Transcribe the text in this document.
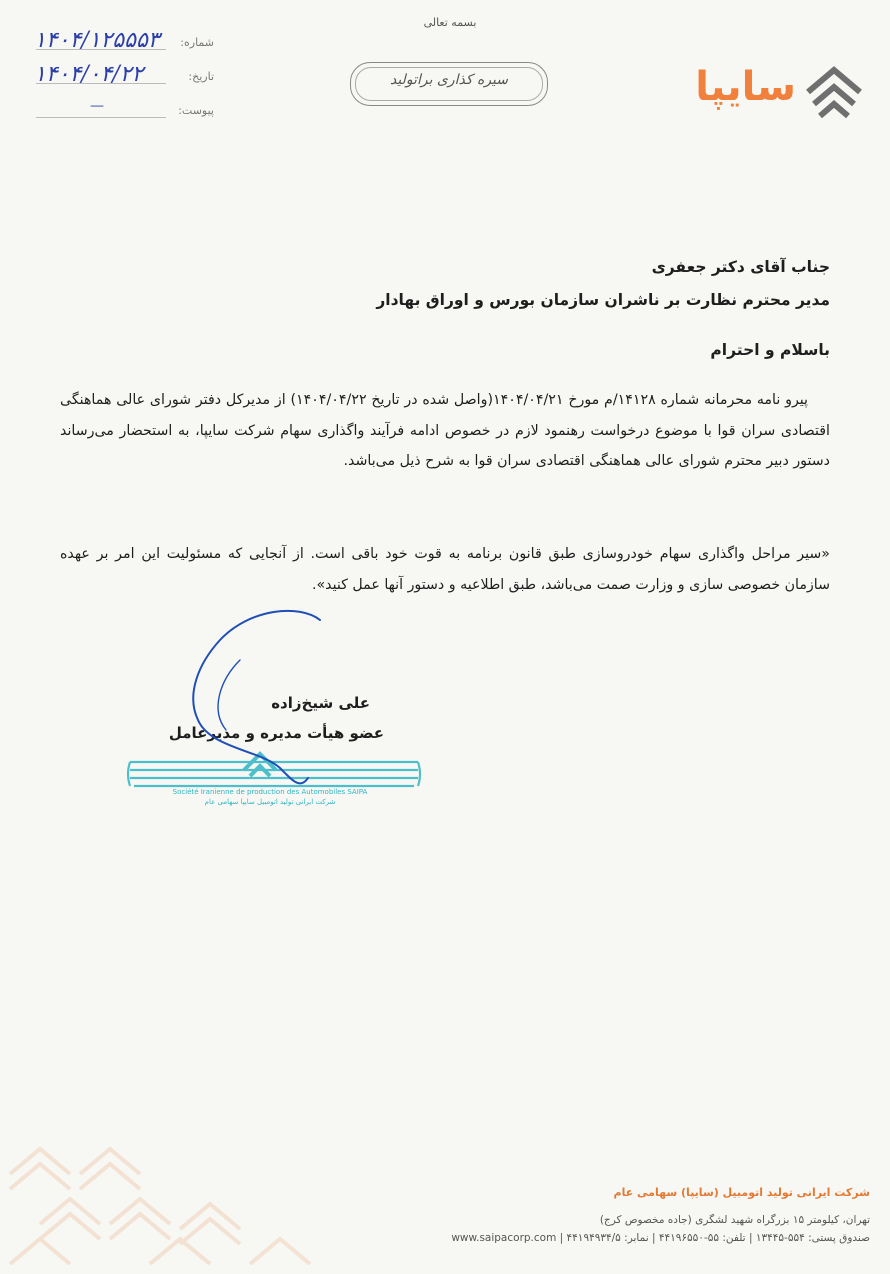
بسمه تعالی
سایپا
سیره کذاری براتولید
شماره:
۱۴۰۴/۱۲۵۵۵۳
تاریخ:
۱۴۰۴/۰۴/۲۲
پیوست:
—
جناب آقای دکتر جعفری
مدیر محترم نظارت بر ناشران سازمان بورس و اوراق بهادار
باسلام و احترام
پیرو نامه محرمانه شماره ۱۴۱۲۸/م مورخ ۱۴۰۴/۰۴/۲۱(واصل شده در تاریخ ۱۴۰۴/۰۴/۲۲) از مدیرکل دفتر شورای عالی هماهنگی اقتصادی سران قوا با موضوع درخواست رهنمود لازم در خصوص ادامه فرآیند واگذاری سهام شرکت سایپا، به استحضار می‌رساند دستور دبیر محترم شورای عالی هماهنگی اقتصادی سران قوا به شرح ذیل می‌باشد.
«سیر مراحل واگذاری سهام خودروسازی طبق قانون برنامه به قوت خود باقی است. از آنجایی که مسئولیت این امر بر عهده سازمان خصوصی سازی و وزارت صمت می‌باشد، طبق اطلاعیه و دستور آنها عمل کنید».
Société Iranienne de production des Automobiles SAIPA
شرکت ایرانی تولید اتومبیل سایپا سهامی عام
علی شیخ‌زاده
عضو هیأت مدیره و مدیرعامل
شرکت ایرانی تولید اتومبیل (سایپا) سهامی عام
تهران، کیلومتر ۱۵ بزرگراه شهید لشگری (جاده مخصوص کرج)
صندوق پستی: ۵۵۴-۱۳۴۴۵ | تلفن: ۵۵-۴۴۱۹۶۵۵۰ | نمابر: ۴۴۱۹۴۹۳۴/۵ | www.saipacorp.com
